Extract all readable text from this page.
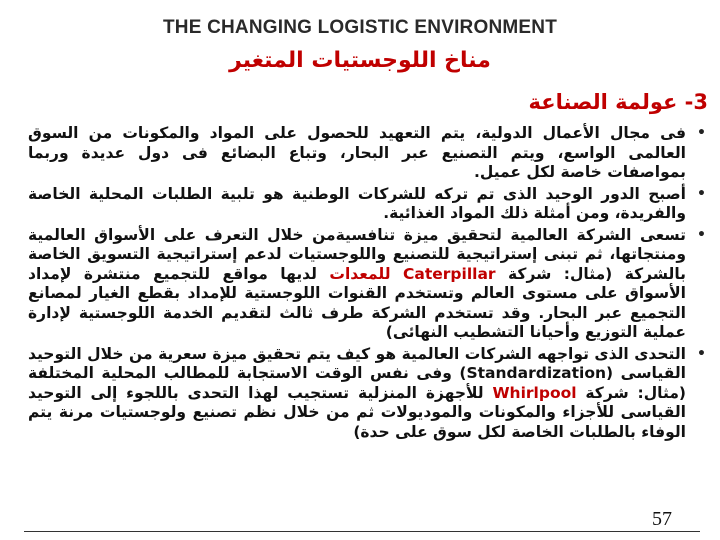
THE CHANGING LOGISTIC ENVIRONMENT
مناخ اللوجستيات المتغير
3- عولمة الصناعة
•
فى مجال الأعمال الدولية، يتم التعهيد للحصول على المواد والمكونات من السوق العالمى الواسع، ويتم التصنيع عبر البحار، وتباع البضائع فى دول عديدة وربما بمواصفات خاصة لكل عميل.
•
أصبح الدور الوحيد الذى تم تركه للشركات الوطنية هو تلبية الطلبات المحلية الخاصة والفريدة، ومن أمثلة ذلك المواد الغذائية.
•
تسعى الشركة العالمية لتحقيق ميزة تنافسيةمن خلال التعرف على الأسواق العالمية ومنتجاتها، ثم تبنى إستراتيجية للتصنيع واللوجستيات لدعم إستراتيجية التسويق الخاصة بالشركة (مثال: شركة Caterpillar للمعدات لديها مواقع للتجميع منتشرة لإمداد الأسواق على مستوى العالم وتستخدم القنوات اللوجستية للإمداد بقطع الغيار لمصانع التجميع عبر البحار. وقد تستخدم الشركة طرف ثالث لتقديم الخدمة اللوجستية لإدارة عملية التوزيع وأحيانا التشطيب النهائى)
•
التحدى الذى تواجهه الشركات العالمية هو كيف يتم تحقيق ميزة سعرية من خلال التوحيد القياسى (Standardization) وفى نفس الوقت الاستجابة للمطالب المحلية المختلفة (مثال: شركة Whirlpool للأجهزة المنزلية تستجيب لهذا التحدى باللجوء إلى التوحيد القياسى للأجزاء والمكونات والموديولات ثم من خلال نظم تصنيع ولوجستيات مرنة يتم الوفاء بالطلبات الخاصة لكل سوق على حدة)
57
